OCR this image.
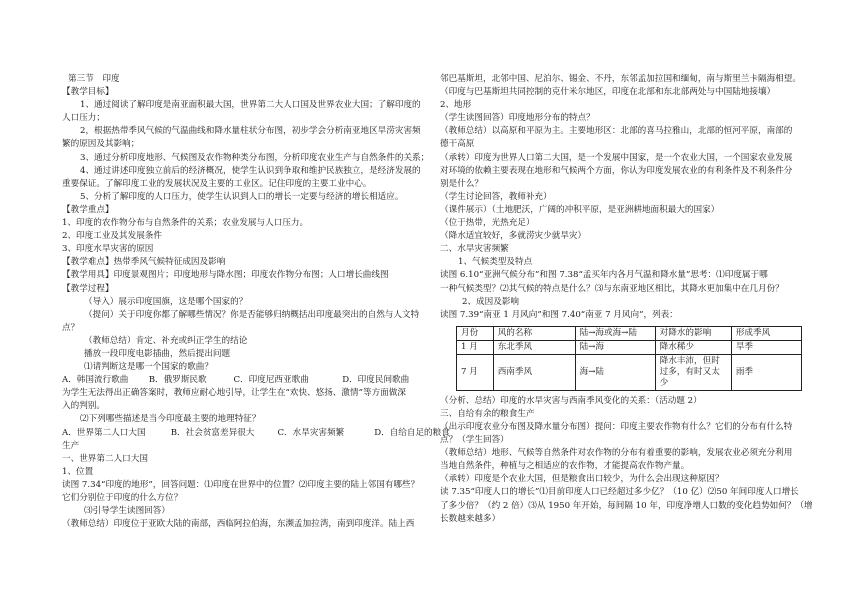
第三节　印度
【教学目标】
1、通过阅读了解印度是南亚面积最大国，世界第二大人口国及世界农业大国；了解印度的
人口压力；
2，根据热带季风气候的气温曲线和降水量柱状分布图，初步学会分析南亚地区旱涝灾害频
繁的原因及其影响；
3、通过分析印度地形、气候图及农作物种类分布图，分析印度农业生产与自然条件的关系；
4、通过讲述印度独立前后的经济概况，使学生认识到争取和维护民族独立，是经济发展的
重要保证。了解印度工业的发展状况及主要的工业区。记住印度的主要工业中心。
5、分析了解印度的人口压力，使学生认识到人口的增长一定要与经济的增长相适应。
【教学重点】
1、印度的农作物分布与自然条件的关系；农业发展与人口压力。
2、印度工业及其发展条件
3、印度水旱灾害的原因
【教学难点】热带季风气候特征成因及影响
【教学用具】印度景观图片；印度地形与降水图；印度农作物分布图；人口增长曲线图
【教学过程】
（导入）展示印度国旗，这是哪个国家的？
（提问）关于印度你都了解哪些情况？你是否能够归纳概括出印度最突出的自然与人文特
点？
（教师总结）肯定、补充或纠正学生的结论
播放一段印度电影插曲，然后提出问题
⑴请判断这是哪一个国家的歌曲？
A．韩国流行歌曲 B．俄罗斯民歌	C．印度尼西亚歌曲	D．印度民间歌曲
为学生无法得出正确答案时，教师应耐心地引导，让学生在“欢快、悠扬、激情”等方面做深
入的判别。
⑵下列哪些描述是当今印度最主要的地理特征？
A．世界第二人口大国	B．社会贫富差异很大	C．水旱灾害频繁	D．自给自足的粮食
生产
一、世界第二人口大国
1、位置
读图 7.34“印度的地形”，回答问题：⑴印度在世界中的位置？⑵印度主要的陆上邻国有哪些？
它们分别位于印度的什么方位？
⑶引导学生读图回答）
（教师总结）印度位于亚欧大陆的南部，西临阿拉伯海，东濒孟加拉湾，南到印度洋。陆上西
邻巴基斯坦，北邻中国、尼泊尔、锡金、不丹，东邻孟加拉国和缅甸，南与斯里兰卡隔海相望。
（印度与巴基斯坦共同控制的克什米尔地区，印度在北部和东北部两处与中国陆地接壤）
2、地形
（学生读图回答）印度地形分布的特点？
（教师总结）以高原和平原为主。主要地形区：北部的喜马拉雅山，北部的恒河平原，南部的
德干高原
（承转）印度为世界人口第二大国，是一个发展中国家，是一个农业大国，一个国家农业发展
对环境的依赖主要表现在地形和气候两个方面，你认为印度发展农业的有利条件及不利条件分
别是什么？
（学生讨论回答，教师补充）
（课件展示）（土地肥沃，广阔的冲积平原，是亚洲耕地面积最大的国家）
（位于热带，光热充足）
（降水适宜较好，多就涝灾少就旱灾）
二、水旱灾害频繁
1、气候类型及特点
读图 6.10“亚洲气候分布”和图 7.38“孟买年内各月气温和降水量”思考：⑴印度属于哪
一种气候类型？⑵其气候的特点是什么？⑶与东南亚地区相比，其降水更加集中在几月份？
2、成因及影响
读图 7.39“南亚 1 月风向”和图 7.40“南亚 7 月风向”，列表：
月份	风的名称	陆→海或海→陆	对降水的影响	形成季风
1 月	东北季风	陆→海	降水稀少	旱季
7 月	西南季风	海→陆	降水丰沛，但时过多，有时又太少	雨季
（分析、总结）印度的水旱灾害与西南季风变化的关系：（活动题 2）
三、自给有余的粮食生产
（出示印度农业分布图及降水量分布图）提问：印度主要农作物有什么？它们的分布有什么特
点？（学生回答）
（教师总结）地形、气候等自然条件对农作物的分布有着重要的影响，发展农业必须充分利用
当地自然条件，种植与之相适应的农作物，才能提高农作物产量。
（承转）印度是个农业大国，但是粮食出口较少，为什么会出现这种原因？
读 7.35“印度人口的增长”⑴目前印度人口已经超过多少亿？（10 亿）⑵50 年间印度人口增长
了多少倍？（约 2 倍）⑶从 1950 年开始，每间隔 10 年，印度净增人口数的变化趋势如何？（增
长数越来越多）
